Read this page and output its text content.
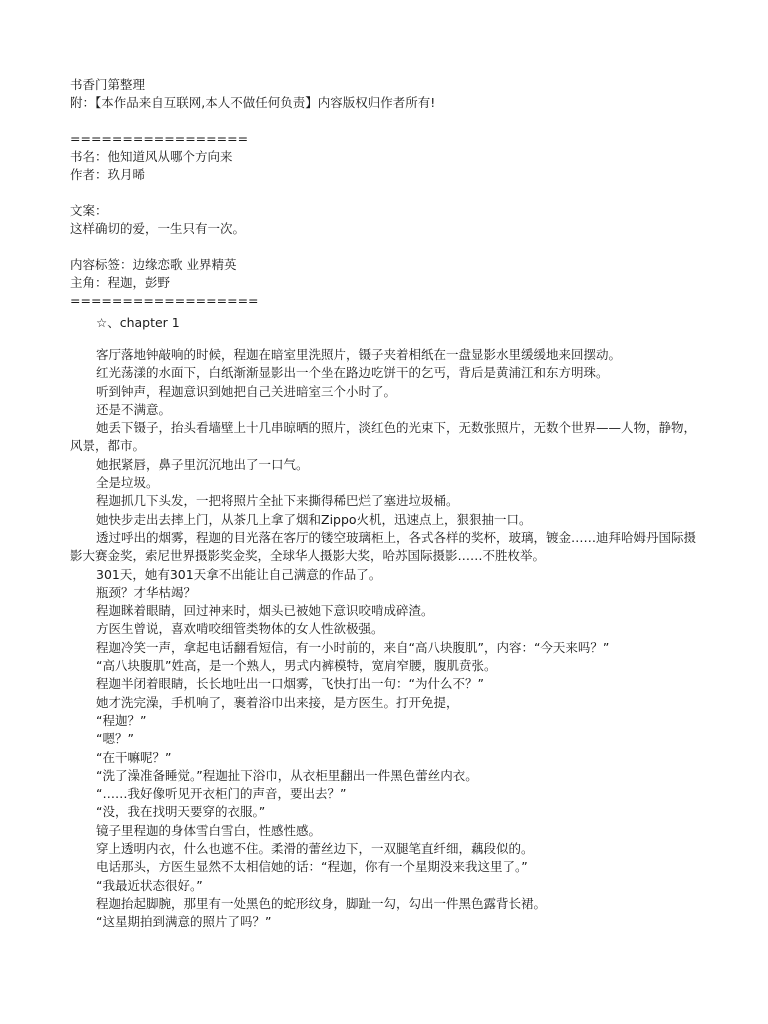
书香门第整理
附：【本作品来自互联网,本人不做任何负责】内容版权归作者所有!
=================
书名：他知道风从哪个方向来
作者：玖月晞
文案：
这样确切的爱，一生只有一次。
内容标签：边缘恋歌 业界精英
主角：程迦，彭野
==================
☆、chapter 1
客厅落地钟敲响的时候，程迦在暗室里洗照片，镊子夹着相纸在一盘显影水里缓缓地来回摆动。
红光荡漾的水面下，白纸渐渐显影出一个坐在路边吃饼干的乞丐，背后是黄浦江和东方明珠。
听到钟声，程迦意识到她把自己关进暗室三个小时了。
还是不满意。
她丢下镊子，抬头看墙壁上十几串晾晒的照片，淡红色的光束下，无数张照片，无数个世界——人物，静物，风景，都市。
她抿紧唇，鼻子里沉沉地出了一口气。
全是垃圾。
程迦抓几下头发，一把将照片全扯下来撕得稀巴烂了塞进垃圾桶。
她快步走出去摔上门，从茶几上拿了烟和Zippo火机，迅速点上，狠狠抽一口。
透过呼出的烟雾，程迦的目光落在客厅的镂空玻璃柜上，各式各样的奖杯，玻璃，镀金……迪拜哈姆丹国际摄影大赛金奖，索尼世界摄影奖金奖，全球华人摄影大奖，哈苏国际摄影……不胜枚举。
301天，她有301天拿不出能让自己满意的作品了。
瓶颈？才华枯竭？
程迦眯着眼睛，回过神来时，烟头已被她下意识咬啃成碎渣。
方医生曾说，喜欢啃咬细管类物体的女人性欲极强。
程迦冷笑一声，拿起电话翻看短信，有一小时前的，来自“高八块腹肌”，内容：“今天来吗？”
“高八块腹肌”姓高，是一个熟人，男式内裤模特，宽肩窄腰，腹肌贲张。
程迦半闭着眼睛，长长地吐出一口烟雾，飞快打出一句：“为什么不？”
她才洗完澡，手机响了，裹着浴巾出来接，是方医生。打开免提，
“程迦？”
“嗯？”
“在干嘛呢？”
“洗了澡准备睡觉。”程迦扯下浴巾，从衣柜里翻出一件黑色蕾丝内衣。
“……我好像听见开衣柜门的声音，要出去？”
“没，我在找明天要穿的衣服。”
镜子里程迦的身体雪白雪白，性感性感。
穿上透明内衣，什么也遮不住。柔滑的蕾丝边下，一双腿笔直纤细，藕段似的。
电话那头，方医生显然不太相信她的话：“程迦，你有一个星期没来我这里了。”
“我最近状态很好。”
程迦抬起脚腕，那里有一处黑色的蛇形纹身，脚趾一勾，勾出一件黑色露背长裙。
“这星期拍到满意的照片了吗？”
